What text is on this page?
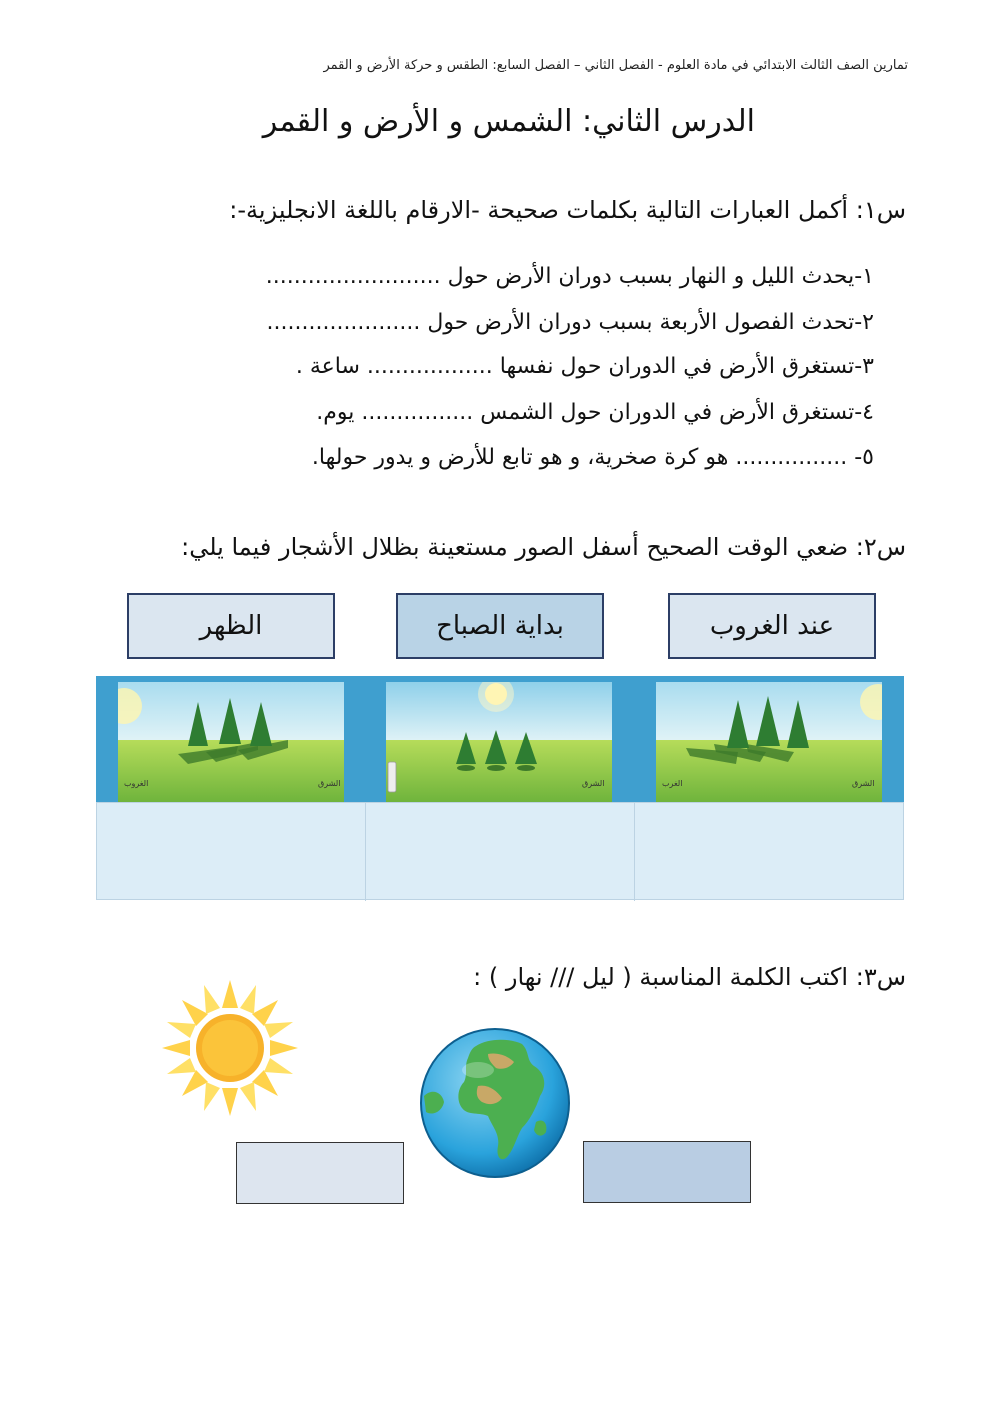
تمارين الصف الثالث الابتدائي في مادة العلوم - الفصل الثاني – الفصل السابع: الطقس و حركة الأرض و القمر
الدرس الثاني: الشمس و الأرض و القمر
س١: أكمل العبارات التالية بكلمات صحيحة -الارقام باللغة الانجليزية-:
١-يحدث الليل و النهار بسبب دوران الأرض حول .........................
٢-تحدث الفصول الأربعة بسبب دوران الأرض حول ......................
٣-تستغرق الأرض في الدوران حول نفسها .................. ساعة .
٤-تستغرق الأرض في الدوران حول الشمس ................ يوم.
٥- ................ هو كرة صخرية، و هو تابع للأرض و يدور حولها.
س٢: ضعي الوقت الصحيح أسفل الصور مستعينة بظلال الأشجار فيما يلي:
الظهر	بداية الصباح	عند الغروب
الشرق
الغروب	الشرق	الشرق
الغرب
س٣: اكتب الكلمة المناسبة ( ليل /// نهار ) :
